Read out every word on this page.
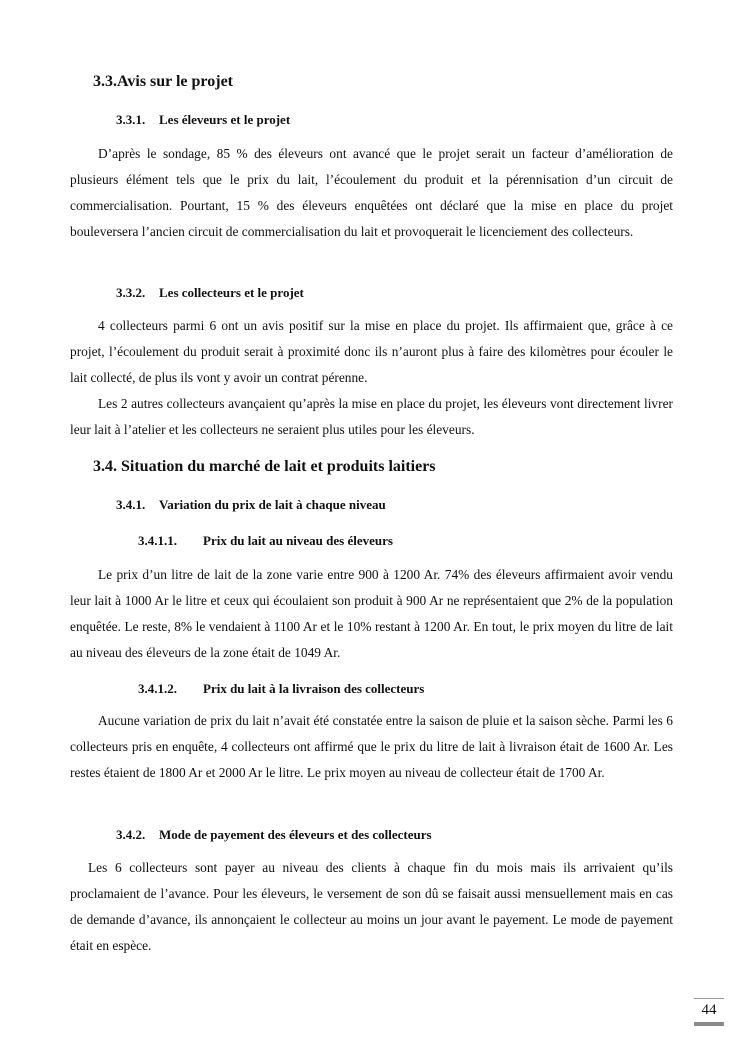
3.3.Avis sur le projet
3.3.1. Les éleveurs et le projet

D’après le sondage, 85 % des éleveurs ont avancé que le projet serait un facteur d’amélioration de plusieurs élément tels que le prix du lait, l’écoulement du produit et la pérennisation d’un circuit de commercialisation. Pourtant, 15 % des éleveurs enquêtées ont déclaré que la mise en place du projet bouleversera l’ancien circuit de commercialisation du lait et provoquerait le licenciement des collecteurs.

3.3.2. Les collecteurs et le projet

4 collecteurs parmi 6 ont un avis positif sur la mise en place du projet. Ils affirmaient que, grâce à ce projet, l’écoulement du produit serait à proximité donc ils n’auront plus à faire des kilomètres pour écouler le lait collecté, de plus ils vont y avoir un contrat pérenne.

Les 2 autres collecteurs avançaient qu’après la mise en place du projet, les éleveurs vont directement livrer leur lait à l’atelier et les collecteurs ne seraient plus utiles pour les éleveurs.

3.4. Situation du marché de lait et produits laitiers
3.4.1. Variation du prix de lait à chaque niveau
3.4.1.1. Prix du lait au niveau des éleveurs

Le prix d’un litre de lait de la zone varie entre 900 à 1200 Ar. 74% des éleveurs affirmaient avoir vendu leur lait à 1000 Ar le litre et ceux qui écoulaient son produit à 900 Ar ne représentaient que 2% de la population enquêtée. Le reste, 8% le vendaient à 1100 Ar et le 10% restant à 1200 Ar. En tout, le prix moyen du litre de lait au niveau des éleveurs de la zone était de 1049 Ar.

3.4.1.2. Prix du lait à la livraison des collecteurs

Aucune variation de prix du lait n’avait été constatée entre la saison de pluie et la saison sèche. Parmi les 6 collecteurs pris en enquête, 4 collecteurs ont affirmé que le prix du litre de lait à livraison était de 1600 Ar. Les restes étaient de 1800 Ar et 2000 Ar le litre. Le prix moyen au niveau de collecteur était de 1700 Ar.

3.4.2. Mode de payement des éleveurs et des collecteurs

Les 6 collecteurs sont payer au niveau des clients à chaque fin du mois mais ils arrivaient qu’ils proclamaient de l’avance. Pour les éleveurs, le versement de son dû se faisait aussi mensuellement mais en cas de demande d’avance, ils annonçaient le collecteur au moins un jour avant le payement. Le mode de payement était en espèce.

44
